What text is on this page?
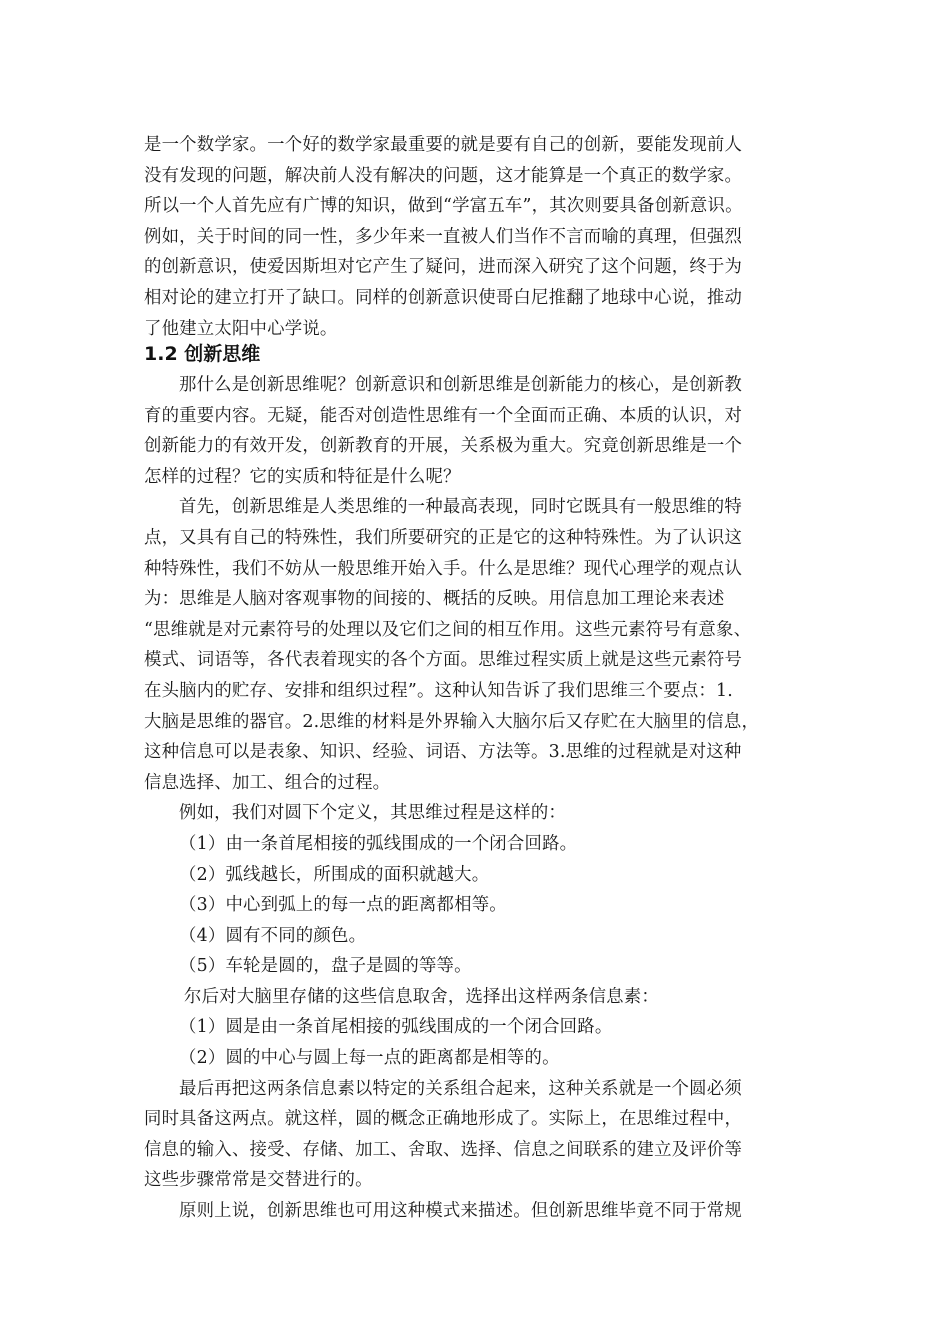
是一个数学家。一个好的数学家最重要的就是要有自己的创新，要能发现前人

没有发现的问题，解决前人没有解决的问题，这才能算是一个真正的数学家。

所以一个人首先应有广博的知识，做到“学富五车”，其次则要具备创新意识。

例如，关于时间的同一性，多少年来一直被人们当作不言而喻的真理，但强烈

的创新意识，使爱因斯坦对它产生了疑问，进而深入研究了这个问题，终于为

相对论的建立打开了缺口。同样的创新意识使哥白尼推翻了地球中心说，推动

了他建立太阳中心学说。

1.2 创新思维

那什么是创新思维呢？创新意识和创新思维是创新能力的核心，是创新教

育的重要内容。无疑，能否对创造性思维有一个全面而正确、本质的认识，对

创新能力的有效开发，创新教育的开展，关系极为重大。究竟创新思维是一个

怎样的过程？它的实质和特征是什么呢？

首先，创新思维是人类思维的一种最高表现，同时它既具有一般思维的特

点，又具有自己的特殊性，我们所要研究的正是它的这种特殊性。为了认识这

种特殊性，我们不妨从一般思维开始入手。什么是思维？现代心理学的观点认

为：思维是人脑对客观事物的间接的、概括的反映。用信息加工理论来表述

“思维就是对元素符号的处理以及它们之间的相互作用。这些元素符号有意象、

模式、词语等，各代表着现实的各个方面。思维过程实质上就是这些元素符号

在头脑内的贮存、安排和组织过程”。这种认知告诉了我们思维三个要点：1.

大脑是思维的器官。2.思维的材料是外界输入大脑尔后又存贮在大脑里的信息，

这种信息可以是表象、知识、经验、词语、方法等。3.思维的过程就是对这种

信息选择、加工、组合的过程。

例如，我们对圆下个定义，其思维过程是这样的：

（1）由一条首尾相接的弧线围成的一个闭合回路。

（2）弧线越长，所围成的面积就越大。

（3）中心到弧上的每一点的距离都相等。

（4）圆有不同的颜色。

（5）车轮是圆的，盘子是圆的等等。

尔后对大脑里存储的这些信息取舍，选择出这样两条信息素：

（1）圆是由一条首尾相接的弧线围成的一个闭合回路。

（2）圆的中心与圆上每一点的距离都是相等的。

最后再把这两条信息素以特定的关系组合起来，这种关系就是一个圆必须

同时具备这两点。就这样，圆的概念正确地形成了。实际上，在思维过程中，

信息的输入、接受、存储、加工、舍取、选择、信息之间联系的建立及评价等

这些步骤常常是交替进行的。

原则上说，创新思维也可用这种模式来描述。但创新思维毕竟不同于常规
